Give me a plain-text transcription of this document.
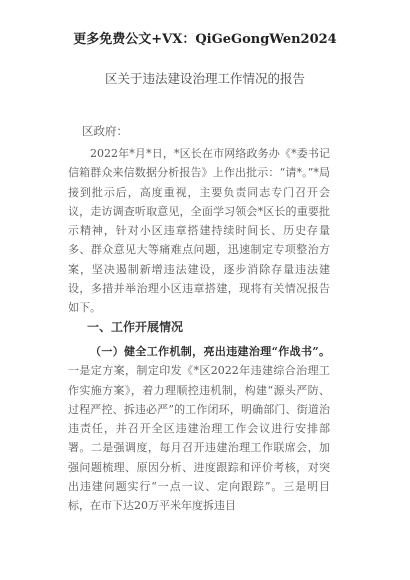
更多免费公文+VX：QiGeGongWen2024
区关于违法建设治理工作情况的报告
区政府：
2022年*月*日，*区长在市网络政务办《*委书记信箱群众来信数据分析报告》上作出批示：“请*。”*局接到批示后，高度重视，主要负责同志专门召开会议，走访调查听取意见，全面学习领会*区长的重要批示精神，针对小区违章搭建持续时间长、历史存量多、群众意见大等痛难点问题，迅速制定专项整治方案，坚决遏制新增违法建设，逐步消除存量违法建设，多措并举治理小区违章搭建，现将有关情况报告如下。
一、工作开展情况
（一）健全工作机制，亮出违建治理“作战书”。一是定方案，制定印发《*区2022年违建综合治理工作实施方案》，着力理顺控违机制，构建“源头严防、过程严控、拆违必严”的工作闭环，明确部门、街道治违责任，并召开全区违建治理工作会议进行安排部署。二是强调度，每月召开违建治理工作联席会，加强问题梳理、原因分析、进度跟踪和评价考核，对突出违建问题实行“一点一议、定向跟踪”。三是明目标，在市下达20万平米年度拆违目
